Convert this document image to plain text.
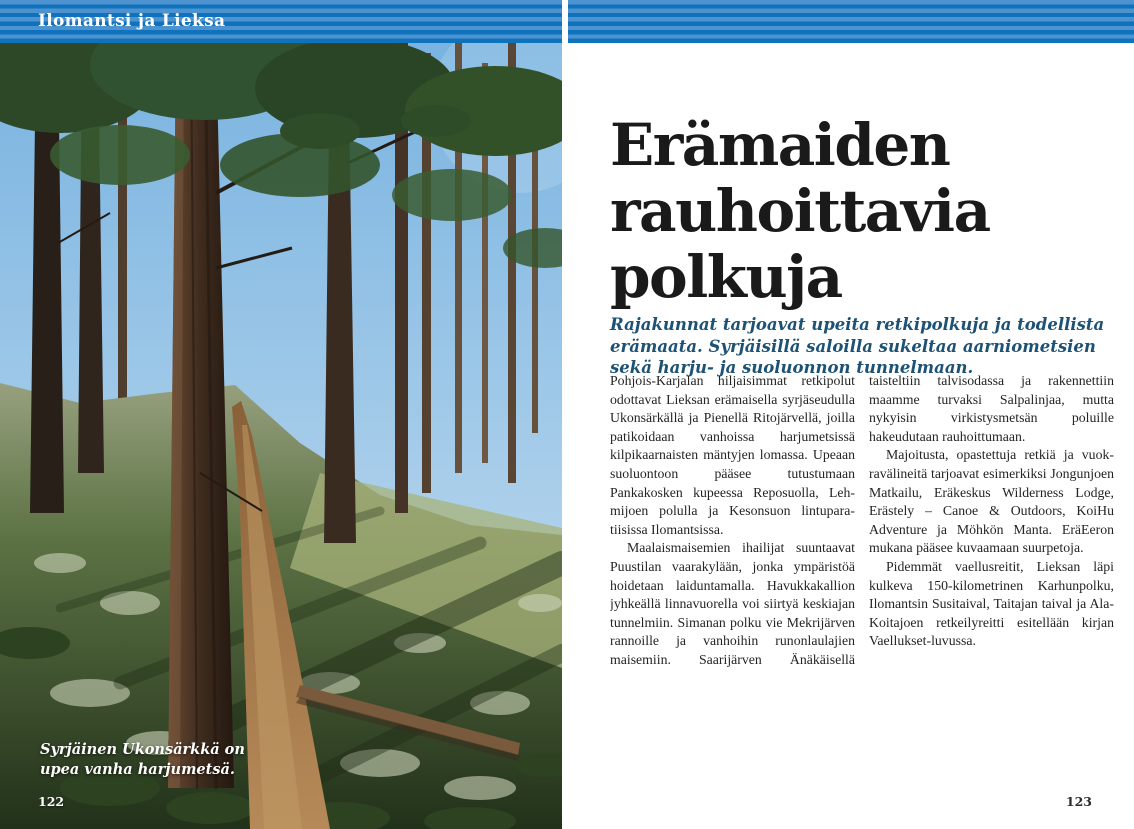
Syrjäinen Ukonsärkkä on upea vanha harjumetsä.
122
Erämaiden rauhoittavia polkuja

Rajakunnat tarjoavat upeita retkipolkuja ja todellista erämaata. Syrjäisillä saloilla sukeltaa aarniometsien sekä harju- ja suoluonnon tunnelmaan.

Pohjois-Karjalan hiljaisimmat retkipolut odottavat Lieksan erämaisella syrjäseudulla Ukonsärkällä ja Pienellä Ritojärvellä, joilla patikoidaan vanhoissa harjumetsissä kilpikaarnaisten mäntyjen lomassa. Upeaan suoluontoon pääsee tutustumaan Pankakosken kupeessa Reposuolla, Lehmijoen polulla ja Kesonsuon lintuparatiisissa Ilomantsissa.

Maalaismaisemien ihailijat suuntaavat Puustilan vaarakylään, jonka ympäristöä hoidetaan laiduntamalla. Havukkakallion jyhkeällä linnavuorella voi siirtyä keskiajan tunnelmiin. Simanan polku vie Mekrijärven rannoille ja vanhoihin runonlaulajien maisemiin. Saarijärven Änäkäisellä taisteltiin talvisodassa ja rakennettiin maamme turvaksi Salpalinjaa, mutta nykyisin virkistysmetsän poluille hakeudutaan rauhoittumaan.

Majoitusta, opastettuja retkiä ja vuokravälineitä tarjoavat esimerkiksi Jongunjoen Matkailu, Eräkeskus Wilderness Lodge, Erästely – Canoe & Outdoors, KoiHu Adventure ja Möhkön Manta. EräEeron mukana pääsee kuvaamaan suurpetoja.

Pidemmät vaellusreitit, Lieksan läpi kulkeva 150-kilometrinen Karhunpolku, Ilomantsin Susitaival, Taitajan taival ja Ala-Koitajoen retkeilyreitti esitellään kirjan Vaellukset-luvussa.

123
Ilomantsi ja Lieksa
